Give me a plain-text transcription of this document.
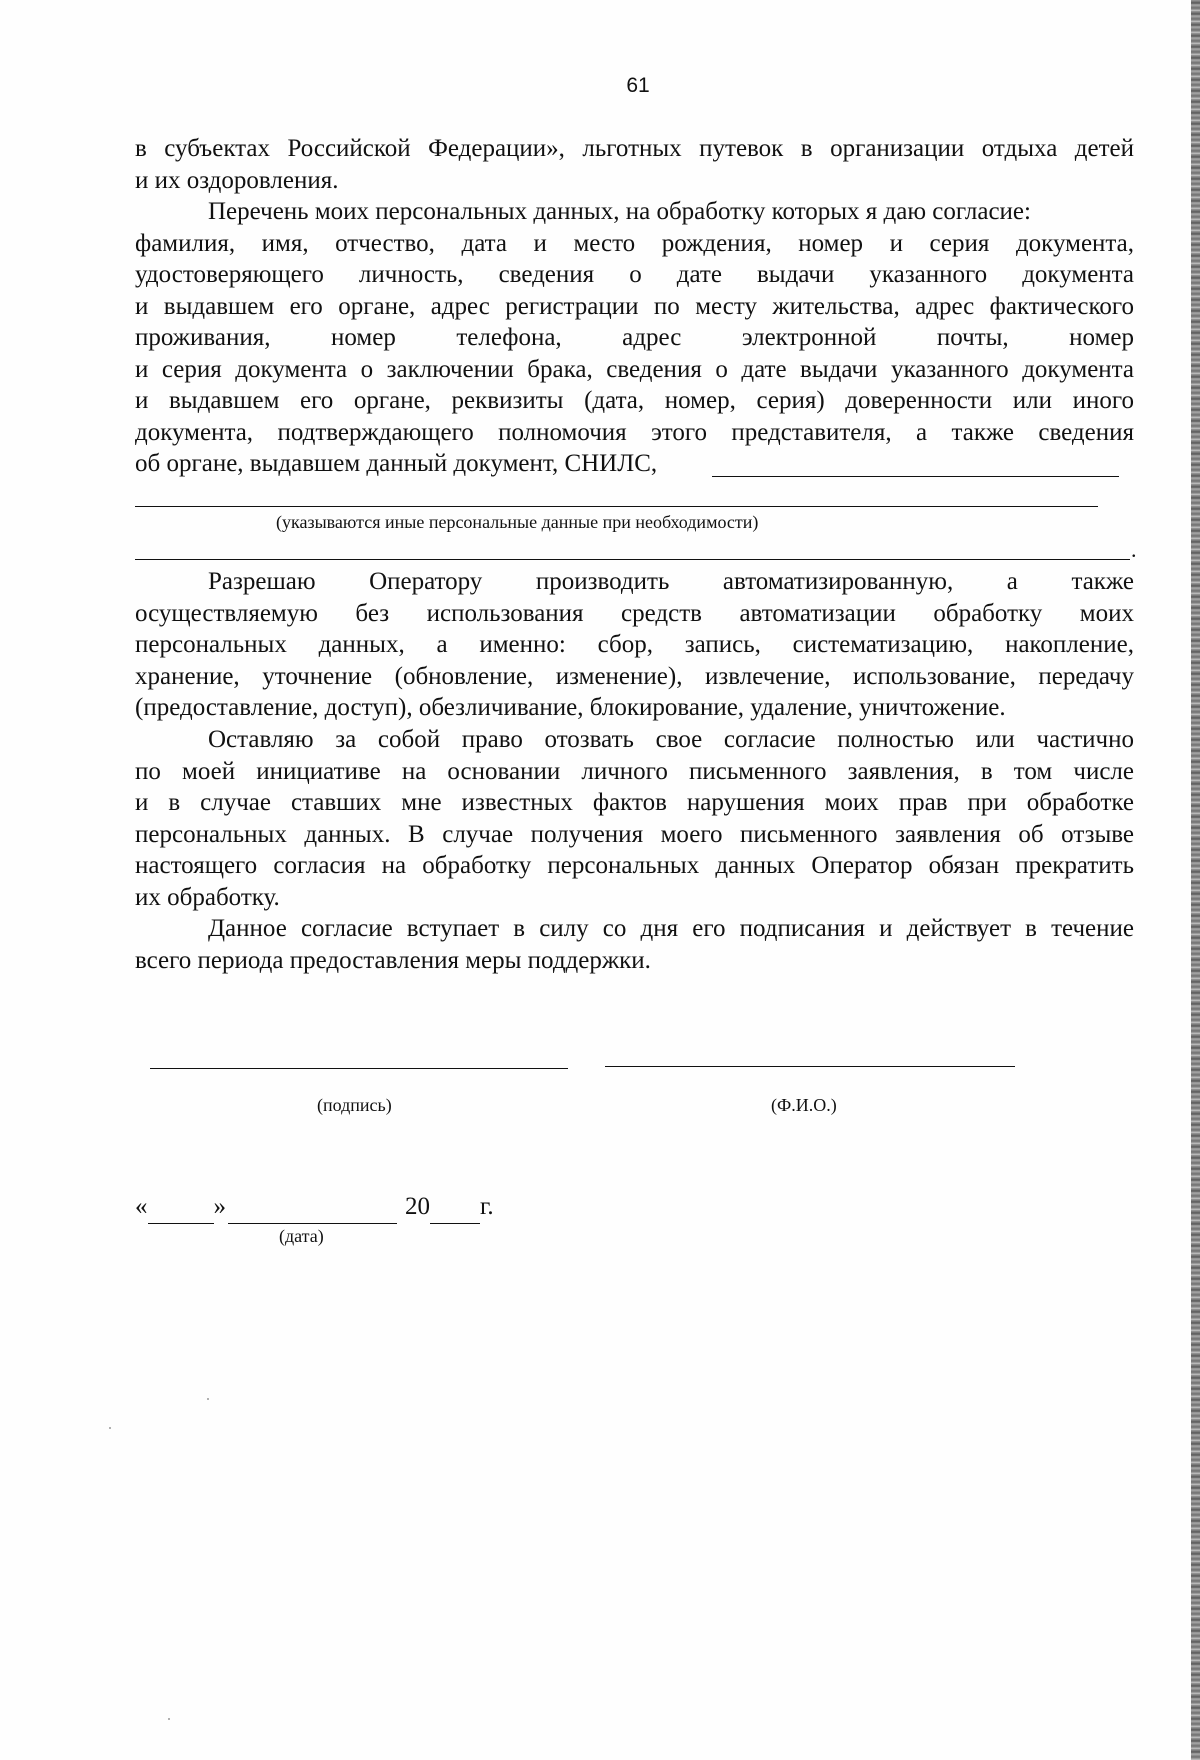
61
в субъектах Российской Федерации», льготных путевок в организации отдыха детей
и их оздоровления.
Перечень моих персональных данных, на обработку которых я даю согласие:
фамилия, имя, отчество, дата и место рождения, номер и серия документа,
удостоверяющего личность, сведения о дате выдачи указанного документа
и выдавшем его органе, адрес регистрации по месту жительства, адрес фактического
проживания, номер телефона, адрес электронной почты, номер
и серия документа о заключении брака, сведения о дате выдачи указанного документа
и выдавшем его органе, реквизиты (дата, номер, серия) доверенности или иного
документа, подтверждающего полномочия этого представителя, а также сведения
об органе, выдавшем данный документ, СНИЛС,
(указываются иные персональные данные при необходимости)
.
Разрешаю Оператору производить автоматизированную, а также
осуществляемую без использования средств автоматизации обработку моих
персональных данных, а именно: сбор, запись, систематизацию, накопление,
хранение, уточнение (обновление, изменение), извлечение, использование, передачу
(предоставление, доступ), обезличивание, блокирование, удаление, уничтожение.
Оставляю за собой право отозвать свое согласие полностью или частично
по моей инициативе на основании личного письменного заявления, в том числе
и в случае ставших мне известных фактов нарушения моих прав при обработке
персональных данных. В случае получения моего письменного заявления об отзыве
настоящего согласия на обработку персональных данных Оператор обязан прекратить
их обработку.
Данное согласие вступает в силу со дня его подписания и действует в течение
всего периода предоставления меры поддержки.
(подпись)	(Ф.И.О.)
«	»	20 г.
(дата)
